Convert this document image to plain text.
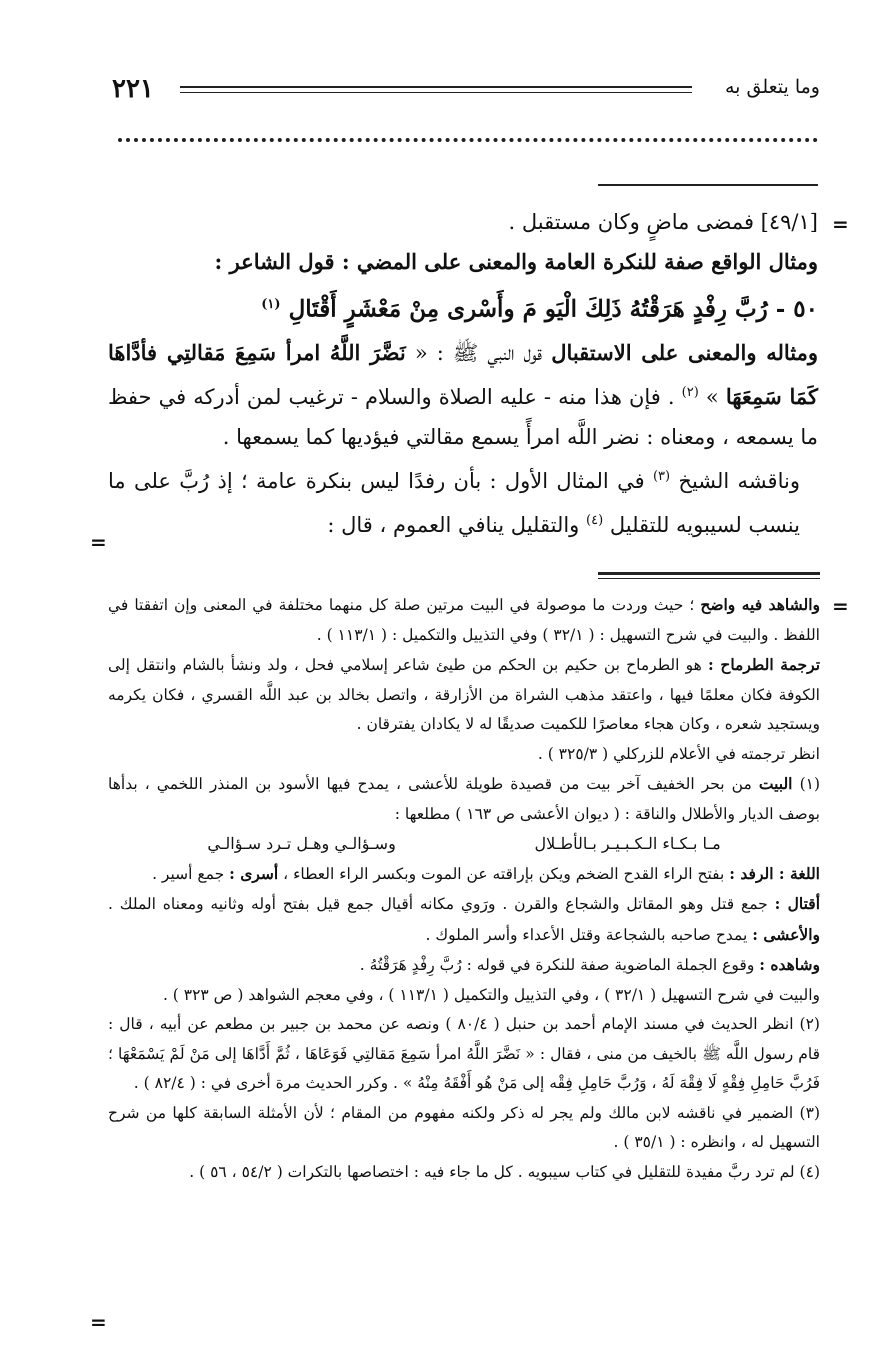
٢٢١	وما يتعلق به
=
=
=
=

[٤٩/١] فمضى ماضٍ وكان مستقبل .

ومثال الواقع صفة للنكرة العامة والمعنى على المضي : قول الشاعر :

٥٠ - رُبَّ رِفْدٍ هَرَقْتُهُ ذَلِكَ الْيَو مَ وأَسْرى مِنْ مَعْشَرٍ أَقْتَالِ $^{(١)}$

ومثاله والمعنى على الاستقبال قول النبي ﷺ : « نَضَّرَ اللَّهُ امرأ سَمِعَ مَقالتِي فأدَّاهَا كَمَا سَمِعَهَا » $^{(٢)}$ . فإن هذا منه - عليه الصلاة والسلام - ترغيب لمن أدركه في حفظ ما يسمعه ، ومعناه : نضر اللَّه امرأً يسمع مقالتي فيؤديها كما يسمعها .

وناقشه الشيخ $^{(٣)}$ في المثال الأول : بأن رفدًا ليس بنكرة عامة ؛ إذ رُبَّ على ما ينسب لسيبويه للتقليل $^{(٤)}$ والتقليل ينافي العموم ، قال :

والشاهد فيه واضح ؛ حيث وردت ما موصولة في البيت مرتين صلة كل منهما مختلفة في المعنى وإن اتفقتا في اللفظ . والبيت في شرح التسهيل : ( ٣٢/١ ) وفي التذييل والتكميل : ( ١١٣/١ ) .

ترجمة الطرماح : هو الطرماح بن حكيم بن الحكم من طيئ شاعر إسلامي فحل ، ولد ونشأ بالشام وانتقل إلى الكوفة فكان معلمًا فيها ، واعتقد مذهب الشراة من الأزارقة ، واتصل بخالد بن عبد اللَّه القسري ، فكان يكرمه ويستجيد شعره ، وكان هجاء معاصرًا للكميت صديقًا له لا يكادان يفترقان .

انظر ترجمته في الأعلام للزركلي ( ٣٢٥/٣ ) .

(١) البيت من بحر الخفيف آخر بيت من قصيدة طويلة للأعشى ، يمدح فيها الأسود بن المنذر اللخمي ، بدأها بوصف الديار والأطلال والناقة : ( ديوان الأعشى ص ١٦٣ ) مطلعها :

مـا بـكـاء الـكـبـيـر بـالأطـلال
وسـؤالـي وهـل تـرد سـؤالـي

اللغة : الرفد : بفتح الراء القدح الضخم ويكن بإراقته عن الموت وبكسر الراء العطاء ، أسرى : جمع أسير .

أقتال : جمع قتل وهو المقاتل والشجاع والقرن . ورَوي مكانه أقيال جمع قيل بفتح أوله وثانيه ومعناه الملك . والأعشى : يمدح صاحبه بالشجاعة وقتل الأعداء وأسر الملوك .

وشاهده : وقوع الجملة الماضوية صفة للنكرة في قوله : رُبَّ رِفْدٍ هَرَقْتُهُ .

والبيت في شرح التسهيل ( ٣٢/١ ) ، وفي التذييل والتكميل ( ١١٣/١ ) ، وفي معجم الشواهد ( ص ٣٢٣ ) .

(٢) انظر الحديث في مسند الإمام أحمد بن حنبل ( ٨٠/٤ ) ونصه عن محمد بن جبير بن مطعم عن أبيه ، قال : قام رسول اللَّه ﷺ بالخيف من منى ، فقال : « نَضَّرَ اللَّهُ امرأ سَمِعَ مَقالتِي فَوَعَاهَا ، ثُمَّ أَدَّاهَا إلى مَنْ لَمْ يَسْمَعْهَا ؛ فَرُبَّ حَامِلِ فِقْهٍ لَا فِقْهَ لَهُ ، وَرُبَّ حَامِلِ فِقْه إلى مَنْ هُو أَفْقَهُ مِنْهُ » . وكرر الحديث مرة أخرى في : ( ٨٢/٤ ) .

(٣) الضمير في ناقشه لابن مالك ولم يجر له ذكر ولكنه مفهوم من المقام ؛ لأن الأمثلة السابقة كلها من شرح التسهيل له ، وانظره : ( ٣٥/١ ) .

(٤) لم ترد ربَّ مفيدة للتقليل في كتاب سيبويه . كل ما جاء فيه : اختصاصها بالتكرات ( ٥٤/٢ ، ٥٦ ) .
